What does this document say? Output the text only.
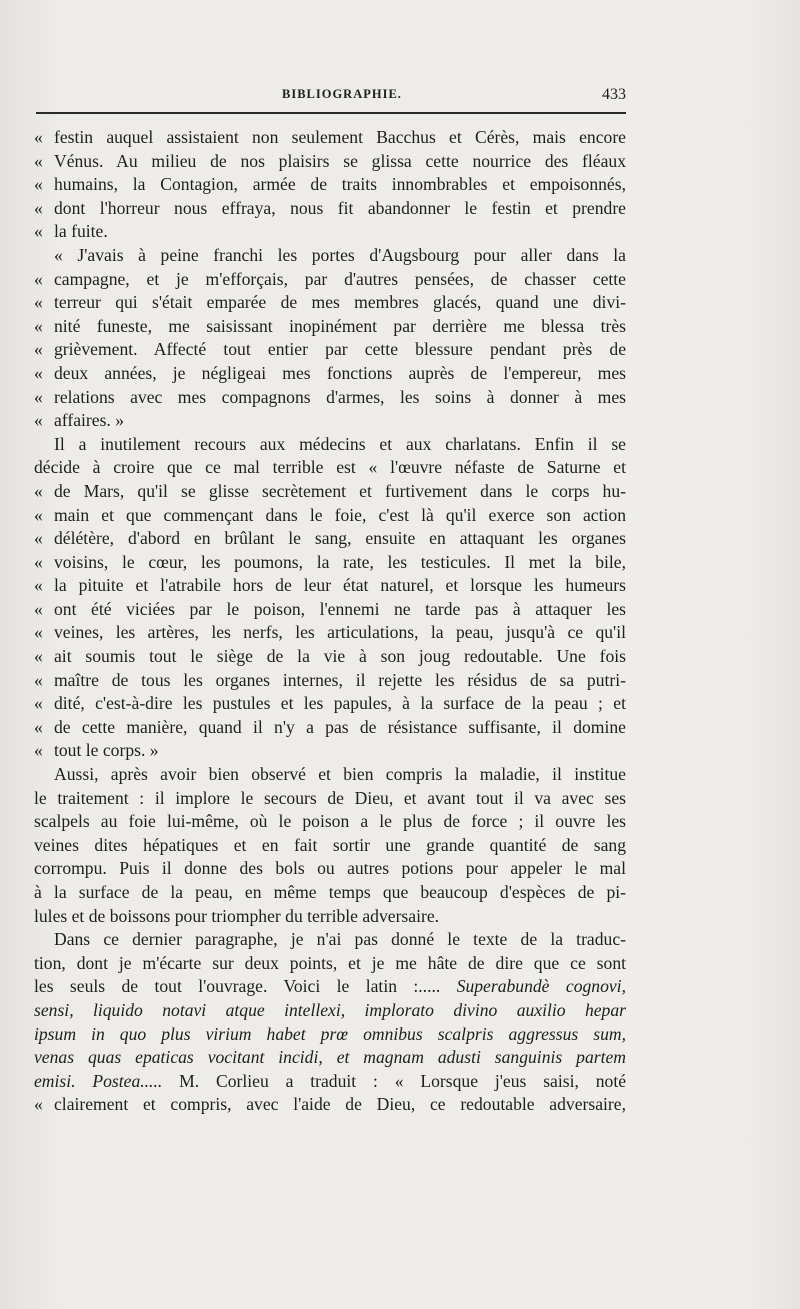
BIBLIOGRAPHIE.	433
« festin auquel assistaient non seulement Bacchus et Cérès, mais encore
« Vénus. Au milieu de nos plaisirs se glissa cette nourrice des fléaux
« humains, la Contagion, armée de traits innombrables et empoisonnés,
« dont l'horreur nous effraya, nous fit abandonner le festin et prendre
« la fuite.
« J'avais à peine franchi les portes d'Augsbourg pour aller dans la
« campagne, et je m'efforçais, par d'autres pensées, de chasser cette
« terreur qui s'était emparée de mes membres glacés, quand une divi-
« nité funeste, me saisissant inopinément par derrière me blessa très
« grièvement. Affecté tout entier par cette blessure pendant près de
« deux années, je négligeai mes fonctions auprès de l'empereur, mes
« relations avec mes compagnons d'armes, les soins à donner à mes
« affaires. »
Il a inutilement recours aux médecins et aux charlatans. Enfin il se
décide à croire que ce mal terrible est « l'œuvre néfaste de Saturne et
« de Mars, qu'il se glisse secrètement et furtivement dans le corps hu-
« main et que commençant dans le foie, c'est là qu'il exerce son action
« délétère, d'abord en brûlant le sang, ensuite en attaquant les organes
« voisins, le cœur, les poumons, la rate, les testicules. Il met la bile,
« la pituite et l'atrabile hors de leur état naturel, et lorsque les humeurs
« ont été viciées par le poison, l'ennemi ne tarde pas à attaquer les
« veines, les artères, les nerfs, les articulations, la peau, jusqu'à ce qu'il
« ait soumis tout le siège de la vie à son joug redoutable. Une fois
« maître de tous les organes internes, il rejette les résidus de sa putri-
« dité, c'est-à-dire les pustules et les papules, à la surface de la peau ; et
« de cette manière, quand il n'y a pas de résistance suffisante, il domine
« tout le corps. »
Aussi, après avoir bien observé et bien compris la maladie, il institue
le traitement : il implore le secours de Dieu, et avant tout il va avec ses
scalpels au foie lui-même, où le poison a le plus de force ; il ouvre les
veines dites hépatiques et en fait sortir une grande quantité de sang
corrompu. Puis il donne des bols ou autres potions pour appeler le mal
à la surface de la peau, en même temps que beaucoup d'espèces de pi-
lules et de boissons pour triompher du terrible adversaire.
Dans ce dernier paragraphe, je n'ai pas donné le texte de la traduc-
tion, dont je m'écarte sur deux points, et je me hâte de dire que ce sont
les seuls de tout l'ouvrage. Voici le latin :..... Superabundè cognovi,
sensi, liquido notavi atque intellexi, implorato divino auxilio hepar
ipsum in quo plus virium habet prœ omnibus scalpris aggressus sum,
venas quas epaticas vocitant incidi, et magnam adusti sanguinis partem
emisi. Postea..... M. Corlieu a traduit : « Lorsque j'eus saisi, noté
« clairement et compris, avec l'aide de Dieu, ce redoutable adversaire,
